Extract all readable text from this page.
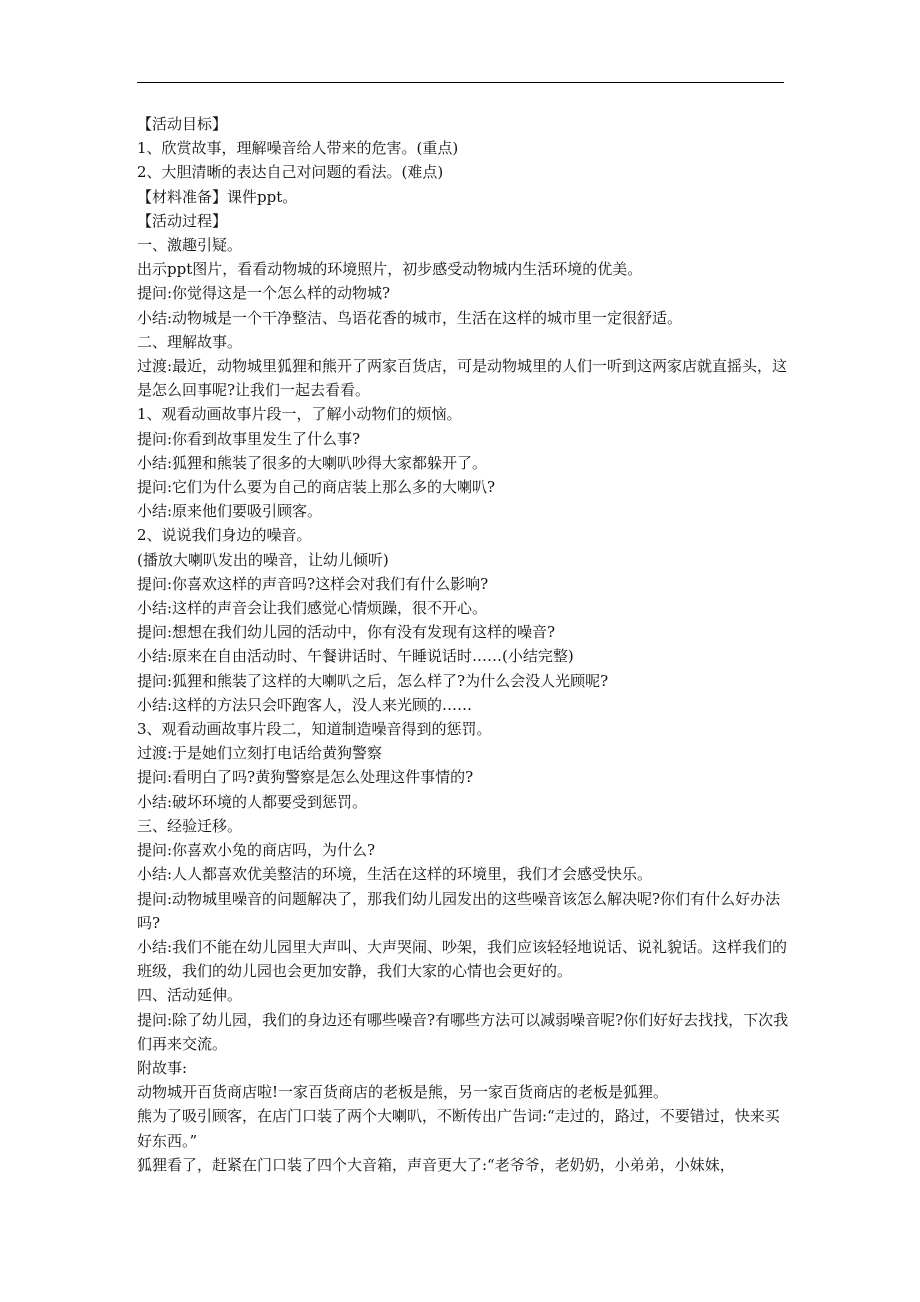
【活动目标】

1、欣赏故事，理解噪音给人带来的危害。(重点)

2、大胆清晰的表达自己对问题的看法。(难点)

【材料准备】课件ppt。

【活动过程】

一、激趣引疑。

出示ppt图片，看看动物城的环境照片，初步感受动物城内生活环境的优美。

提问:你觉得这是一个怎么样的动物城?

小结:动物城是一个干净整洁、鸟语花香的城市，生活在这样的城市里一定很舒适。

二、理解故事。

过渡:最近，动物城里狐狸和熊开了两家百货店，可是动物城里的人们一听到这两家店就直摇头，这是怎么回事呢?让我们一起去看看。

1、观看动画故事片段一，了解小动物们的烦恼。

提问:你看到故事里发生了什么事?

小结:狐狸和熊装了很多的大喇叭吵得大家都躲开了。

提问:它们为什么要为自己的商店装上那么多的大喇叭?

小结:原来他们要吸引顾客。

2、说说我们身边的噪音。

(播放大喇叭发出的噪音，让幼儿倾听)

提问:你喜欢这样的声音吗?这样会对我们有什么影响?

小结:这样的声音会让我们感觉心情烦躁，很不开心。

提问:想想在我们幼儿园的活动中，你有没有发现有这样的噪音?

小结:原来在自由活动时、午餐讲话时、午睡说话时……(小结完整)

提问:狐狸和熊装了这样的大喇叭之后，怎么样了?为什么会没人光顾呢?

小结:这样的方法只会吓跑客人，没人来光顾的……

3、观看动画故事片段二，知道制造噪音得到的惩罚。

过渡:于是她们立刻打电话给黄狗警察

提问:看明白了吗?黄狗警察是怎么处理这件事情的?

小结:破坏环境的人都要受到惩罚。

三、经验迁移。

提问:你喜欢小兔的商店吗，为什么?

小结:人人都喜欢优美整洁的环境，生活在这样的环境里，我们才会感受快乐。

提问:动物城里噪音的问题解决了，那我们幼儿园发出的这些噪音该怎么解决呢?你们有什么好办法吗?

小结:我们不能在幼儿园里大声叫、大声哭闹、吵架，我们应该轻轻地说话、说礼貌话。这样我们的班级，我们的幼儿园也会更加安静，我们大家的心情也会更好的。

四、活动延伸。

提问:除了幼儿园，我们的身边还有哪些噪音?有哪些方法可以减弱噪音呢?你们好好去找找，下次我们再来交流。

附故事:

动物城开百货商店啦!一家百货商店的老板是熊，另一家百货商店的老板是狐狸。

熊为了吸引顾客，在店门口装了两个大喇叭，不断传出广告词:“走过的，路过，不要错过，快来买好东西。”

狐狸看了，赶紧在门口装了四个大音箱，声音更大了:“老爷爷，老奶奶，小弟弟，小妹妹，
